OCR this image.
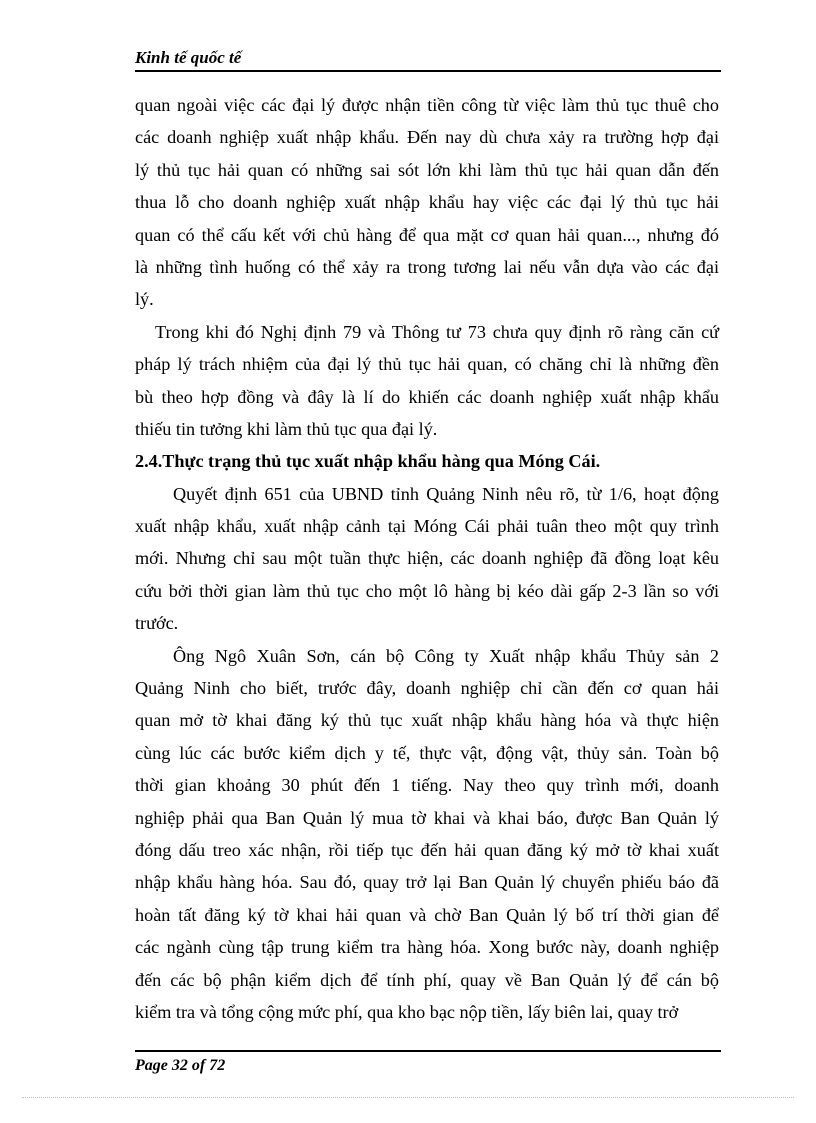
Kinh tế quốc tế
quan ngoài việc các đại lý được nhận tiền công từ việc làm thủ tục thuê cho
các doanh nghiệp xuất nhập khẩu. Đến nay dù chưa xảy ra trường hợp đại
lý thủ tục hải quan có những sai sót lớn khi làm thủ tục hải quan dẫn đến
thua lỗ cho doanh nghiệp xuất nhập khẩu hay việc các đại lý thủ tục hải
quan có thể cấu kết với chủ hàng để qua mặt cơ quan hải quan..., nhưng đó
là những tình huống có thể xảy ra trong tương lai nếu vẫn dựa vào các đại
lý.
Trong khi đó Nghị định 79 và Thông tư 73 chưa quy định rõ ràng căn cứ
pháp lý trách nhiệm của đại lý thủ tục hải quan, có chăng chỉ là những đền
bù theo hợp đồng và đây là lí do khiến các doanh nghiệp xuất nhập khẩu
thiếu tin tưởng khi làm thủ tục qua đại lý.
2.4.Thực trạng thủ tục xuất nhập khẩu hàng qua Móng Cái.
Quyết định 651 của UBND tỉnh Quảng Ninh nêu rõ, từ 1/6, hoạt động
xuất nhập khẩu, xuất nhập cảnh tại Móng Cái phải tuân theo một quy trình
mới. Nhưng chỉ sau một tuần thực hiện, các doanh nghiệp đã đồng loạt kêu
cứu bởi thời gian làm thủ tục cho một lô hàng bị kéo dài gấp 2-3 lần so với
trước.
Ông Ngô Xuân Sơn, cán bộ Công ty Xuất nhập khẩu Thủy sản 2
Quảng Ninh cho biết, trước đây, doanh nghiệp chỉ cần đến cơ quan hải
quan mở tờ khai đăng ký thủ tục xuất nhập khẩu hàng hóa và thực hiện
cùng lúc các bước kiểm dịch y tế, thực vật, động vật, thủy sản. Toàn bộ
thời gian khoảng 30 phút đến 1 tiếng. Nay theo quy trình mới, doanh
nghiệp phải qua Ban Quản lý mua tờ khai và khai báo, được Ban Quản lý
đóng dấu treo xác nhận, rồi tiếp tục đến hải quan đăng ký mở tờ khai xuất
nhập khẩu hàng hóa. Sau đó, quay trở lại Ban Quản lý chuyển phiếu báo đã
hoàn tất đăng ký tờ khai hải quan và chờ Ban Quản lý bố trí thời gian để
các ngành cùng tập trung kiểm tra hàng hóa. Xong bước này, doanh nghiệp
đến các bộ phận kiểm dịch để tính phí, quay về Ban Quản lý để cán bộ
kiểm tra và tổng cộng mức phí, qua kho bạc nộp tiền, lấy biên lai, quay trở
Page 32 of 72
